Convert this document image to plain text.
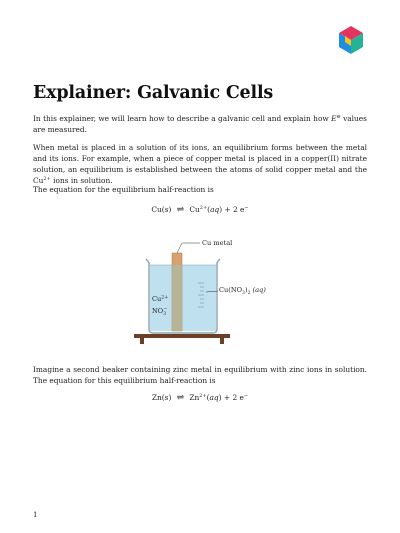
Explainer: Galvanic Cells

In this explainer, we will learn how to describe a galvanic cell and explain how E⊖ values are measured.

When metal is placed in a solution of its ions, an equilibrium forms between the metal and its ions. For example, when a piece of copper metal is placed in a copper(II) nitrate solution, an equilibrium is established between the atoms of solid copper metal and the $Cu^{2+}$ ions in solution.

The equation for the equilibrium half-reaction is

Cu(s) ⇌ $Cu^{2+}(aq) + 2$ e−
Cu metal
$Cu(NO_3)_2$ (aq)
$Cu^{2+}$
$NO_3-$

Imagine a second beaker containing zinc metal in equilibrium with zinc ions in solution. The equation for this equilibrium half-reaction is

Zn(s) ⇌ $Zn^{2+}(aq) + 2$ e−
1
